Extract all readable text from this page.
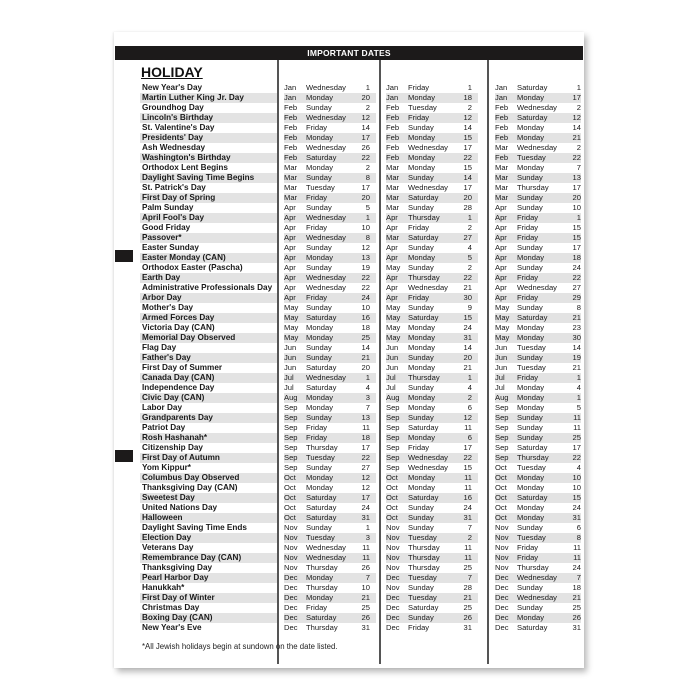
IMPORTANT DATES
HOLIDAY
New Year's Day	Jan	Wednesday	1 Jan	Friday	1	Jan	Saturday	1
Martin Luther King Jr. Day	Jan	Monday	20 Jan	Monday	18	Jan	Monday	17
Groundhog Day	Feb	Sunday	2 Feb	Tuesday	2	Feb	Wednesday	2
Lincoln's Birthday	Feb	Wednesday	12 Feb	Friday	12	Feb	Saturday	12
St. Valentine's Day	Feb	Friday	14 Feb	Sunday	14	Feb	Monday	14
Presidents' Day	Feb	Monday	17 Feb	Monday	15	Feb	Monday	21
Ash Wednesday	Feb	Wednesday	26 Feb	Wednesday	17	Mar	Wednesday	2
Washington's Birthday	Feb	Saturday	22 Feb	Monday	22	Feb	Tuesday	22
Orthodox Lent Begins	Mar	Monday	2 Mar	Monday	15	Mar	Monday	7
Daylight Saving Time Begins	Mar	Sunday	8 Mar	Sunday	14	Mar	Sunday	13
St. Patrick's Day	Mar	Tuesday	17 Mar	Wednesday	17	Mar	Thursday	17
First Day of Spring	Mar	Friday	20 Mar	Saturday	20	Mar	Sunday	20
Palm Sunday	Apr	Sunday	5 Mar	Sunday	28	Apr	Sunday	10
April Fool's Day	Apr	Wednesday	1 Apr	Thursday	1	Apr	Friday	1
Good Friday	Apr	Friday	10 Apr	Friday	2	Apr	Friday	15
Passover*	Apr	Wednesday	8 Mar	Saturday	27	Apr	Friday	15
Easter Sunday	Apr	Sunday	12 Apr	Sunday	4	Apr	Sunday	17
Easter Monday (CAN)	Apr	Monday	13 Apr	Monday	5	Apr	Monday	18
Orthodox Easter (Pascha)	Apr	Sunday	19 May	Sunday	2	Apr	Sunday	24
Earth Day	Apr	Wednesday	22 Apr	Thursday	22	Apr	Friday	22
Administrative Professionals Day Apr	Wednesday	22 Apr	Wednesday	21	Apr	Wednesday	27
Arbor Day	Apr	Friday	24 Apr	Friday	30	Apr	Friday	29
Mother's Day	May	Sunday	10 May	Sunday	9	May	Sunday	8
Armed Forces Day	May	Saturday	16 May	Saturday	15	May	Saturday	21
Victoria Day (CAN)	May	Monday	18 May	Monday	24	May	Monday	23
Memorial Day Observed	May	Monday	25 May	Monday	31	May	Monday	30
Flag Day	Jun	Sunday	14 Jun	Monday	14	Jun	Tuesday	14
Father's Day	Jun	Sunday	21 Jun	Sunday	20	Jun	Sunday	19
First Day of Summer	Jun	Saturday	20 Jun	Monday	21	Jun	Tuesday	21
Canada Day (CAN)	Jul	Wednesday	1 Jul	Thursday	1	Jul	Friday	1
Independence Day	Jul	Saturday	4 Jul	Sunday	4	Jul	Monday	4
Civic Day (CAN)	Aug	Monday	3 Aug	Monday	2	Aug	Monday	1
Labor Day	Sep	Monday	7 Sep	Monday	6	Sep	Monday	5
Grandparents Day	Sep	Sunday	13 Sep	Sunday	12	Sep	Sunday	11
Patriot Day	Sep	Friday	11 Sep	Saturday	11	Sep	Sunday	11
Rosh Hashanah*	Sep	Friday	18 Sep	Monday	6	Sep	Sunday	25
Citizenship Day	Sep	Thursday	17 Sep	Friday	17	Sep	Saturday	17
First Day of Autumn	Sep	Tuesday	22 Sep	Wednesday	22	Sep	Thursday	22
Yom Kippur*	Sep	Sunday	27 Sep	Wednesday	15	Oct	Tuesday	4
Columbus Day Observed	Oct	Monday	12 Oct	Monday	11	Oct	Monday	10
Thanksgiving Day (CAN)	Oct	Monday	12 Oct	Monday	11	Oct	Monday	10
Sweetest Day	Oct	Saturday	17 Oct	Saturday	16	Oct	Saturday	15
United Nations Day	Oct	Saturday	24 Oct	Sunday	24	Oct	Monday	24
Halloween	Oct	Saturday	31 Oct	Sunday	31	Oct	Monday	31
Daylight Saving Time Ends	Nov	Sunday	1 Nov	Sunday	7	Nov	Sunday	6
Election Day	Nov	Tuesday	3 Nov	Tuesday	2	Nov	Tuesday	8
Veterans Day	Nov	Wednesday	11 Nov	Thursday	11	Nov	Friday	11
Remembrance Day (CAN)	Nov	Wednesday	11 Nov	Thursday	11	Nov	Friday	11
Thanksgiving Day	Nov	Thursday	26 Nov	Thursday	25	Nov	Thursday	24
Pearl Harbor Day	Dec	Monday	7 Dec	Tuesday	7	Dec	Wednesday	7
Hanukkah*	Dec	Thursday	10 Nov	Sunday	28	Dec	Sunday	18
First Day of Winter	Dec	Monday	21 Dec	Tuesday	21	Dec	Wednesday	21
Christmas Day	Dec	Friday	25 Dec	Saturday	25	Dec	Sunday	25
Boxing Day (CAN)	Dec	Saturday	26 Dec	Sunday	26	Dec	Monday	26
New Year's Eve	Dec	Thursday	31 Dec	Friday	31	Dec	Saturday	31
*All Jewish holidays begin at sundown on the date listed.
